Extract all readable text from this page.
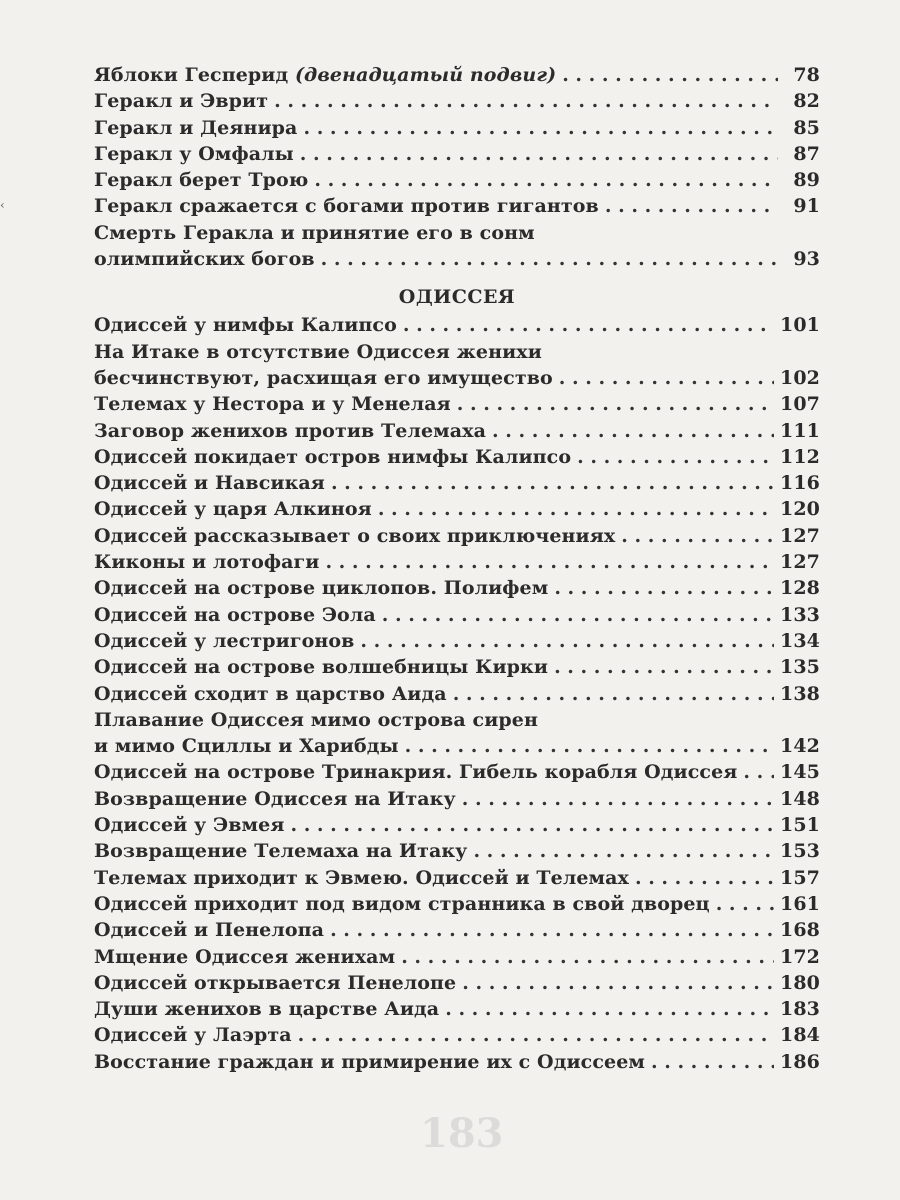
‹
183
Яблоки Гесперид (двенадцатый подвиг) . . .	78
Геракл и Эврит . . .	82
Геракл и Деянира . . .	85
Геракл у Омфалы . . .	87
Геракл берет Трою . . .	89
Геракл сражается с богами против гигантов . . .	91
Смерть Геракла и принятие его в сонм
олимпийских богов . . .	93
ОДИССЕЯ
Одиссей у нимфы Калипсо . . .	101
На Итаке в отсутствие Одиссея женихи
бесчинствуют, расхищая его имущество . . .	102
Телемах у Нестора и у Менелая . . .	107
Заговор женихов против Телемаха . . .	111
Одиссей покидает остров нимфы Калипсо . . .	112
Одиссей и Навсикая . . .	116
Одиссей у царя Алкиноя . . .	120
Одиссей рассказывает о своих приключениях . . .	127
Киконы и лотофаги . . .	127
Одиссей на острове циклопов. Полифем . . .	128
Одиссей на острове Эола . . .	133
Одиссей у лестригонов . . .	134
Одиссей на острове волшебницы Кирки . . .	135
Одиссей сходит в царство Аида . . .	138
Плавание Одиссея мимо острова сирен
и мимо Сциллы и Харибды . . .	142
Одиссей на острове Тринакрия. Гибель корабля Одиссея . . . 145
Возвращение Одиссея на Итаку . . .	148
Одиссей у Эвмея . . .	151
Возвращение Телемаха на Итаку . . .	153
Телемах приходит к Эвмею. Одиссей и Телемах . . .	157
Одиссей приходит под видом странника в свой дворец . . .	161
Одиссей и Пенелопа . . .	168
Мщение Одиссея женихам . . .	172
Одиссей открывается Пенелопе . . .	180
Души женихов в царстве Аида . . .	183
Одиссей у Лаэрта . . .	184
Восстание граждан и примирение их с Одиссеем . . .	186
